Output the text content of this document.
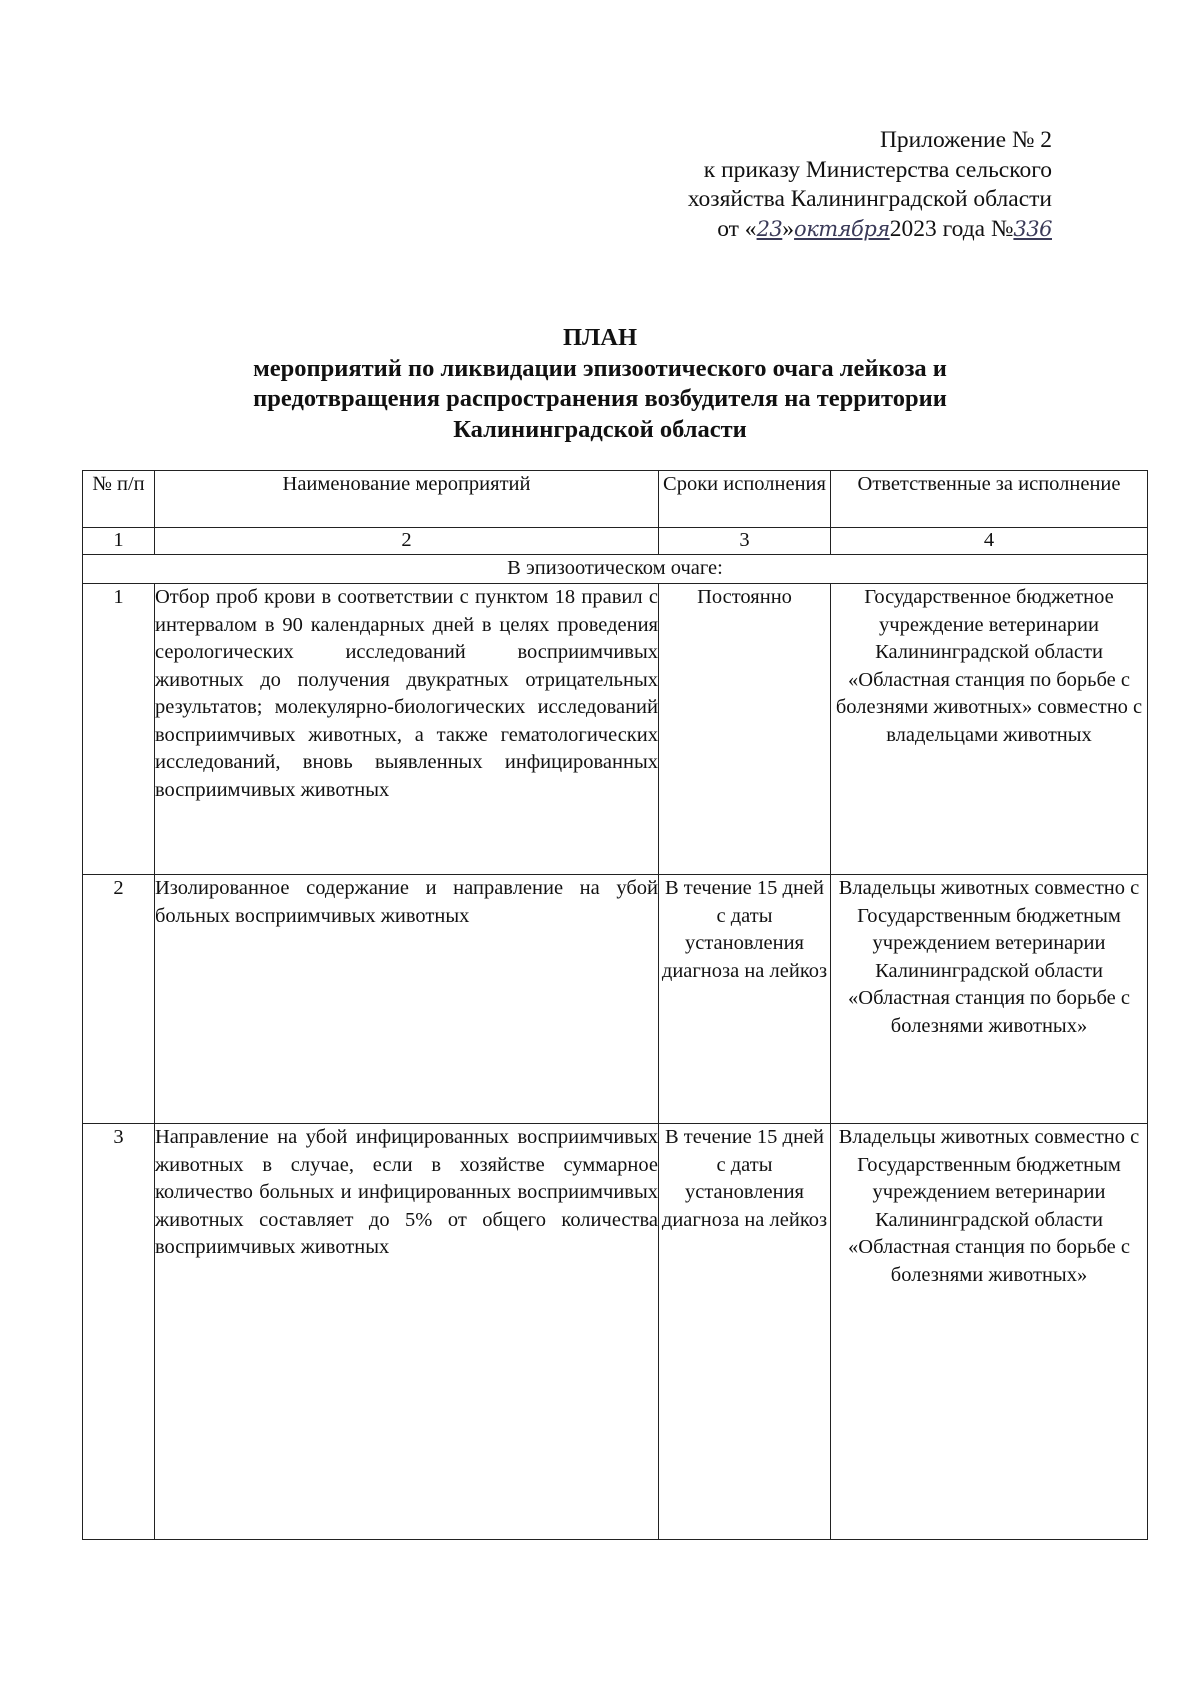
Приложение № 2
к приказу Министерства сельского
хозяйства Калининградской области
от «23»октября2023 года №336
ПЛАН
мероприятий по ликвидации эпизоотического очага лейкоза и
предотвращения распространения возбудителя на территории
Калининградской области
№ п/п	Наименование мероприятий	Сроки исполнения	Ответственные за исполнение
1	2	3	4
В эпизоотическом очаге:			
1	Отбор проб крови в соответствии с пунктом 18 правил с интервалом в 90 календарных дней в целях проведения серологических исследований восприимчивых животных до получения двукратных отрицательных результатов; молекулярно-биологических исследований восприимчивых животных, а также гематологических исследований, вновь выявленных инфицированных восприимчивых животных	Постоянно	Государственное бюджетное учреждение ветеринарии Калининградской области «Областная станция по борьбе с болезнями животных» совместно с владельцами животных
2	Изолированное содержание и направление на убой больных восприимчивых животных	В течение 15 дней с даты установления диагноза на лейкоз	Владельцы животных совместно с Государственным бюджетным учреждением ветеринарии Калининградской области «Областная станция по борьбе с болезнями животных»
3	Направление на убой инфицированных восприимчивых животных в случае, если в хозяйстве суммарное количество больных и инфицированных восприимчивых животных составляет до 5% от общего количества восприимчивых животных	В течение 15 дней с даты установления диагноза на лейкоз	Владельцы животных совместно с Государственным бюджетным учреждением ветеринарии Калининградской области «Областная станция по борьбе с болезнями животных»
